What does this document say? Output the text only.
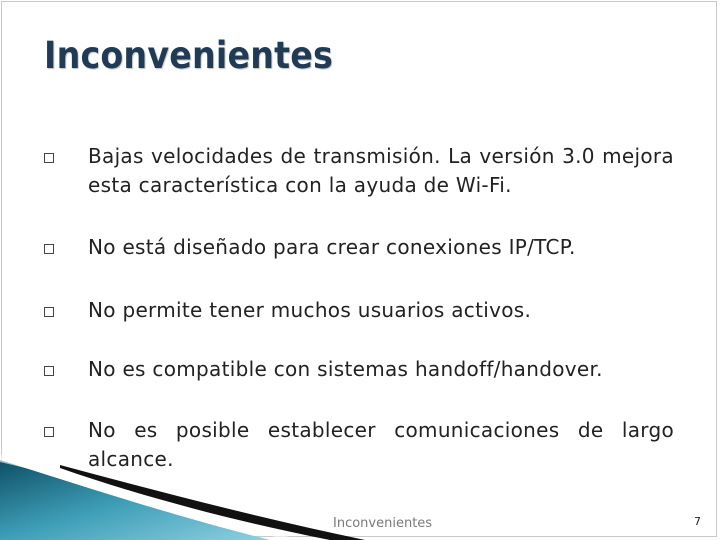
Inconvenientes
Bajas velocidades de transmisión. La versión 3.0 mejora esta característica con la ayuda de Wi-Fi.
No está diseñado para crear conexiones IP/TCP.
No permite tener muchos usuarios activos.
No es compatible con sistemas handoff/handover.
No es posible establecer comunicaciones de largo alcance.
Inconvenientes	7
